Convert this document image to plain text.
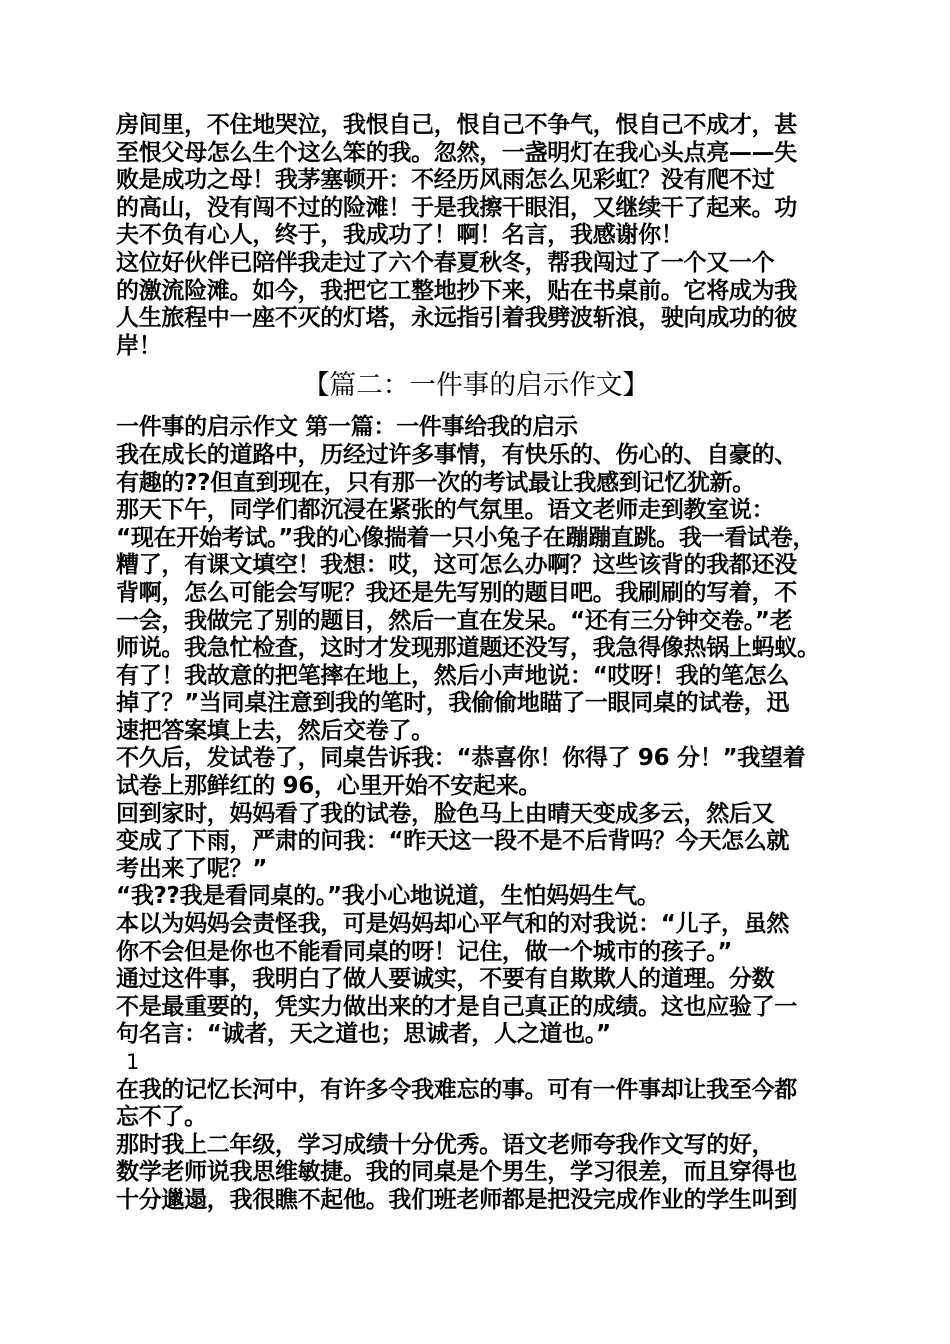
房间里，不住地哭泣，我恨自己，恨自己不争气，恨自己不成才，甚
至恨父母怎么生个这么笨的我。忽然，一盏明灯在我心头点亮——失
败是成功之母！我茅塞顿开：不经历风雨怎么见彩虹？没有爬不过
的高山，没有闯不过的险滩！于是我擦干眼泪，又继续干了起来。功
夫不负有心人，终于，我成功了！啊！名言，我感谢你！
这位好伙伴已陪伴我走过了六个春夏秋冬，帮我闯过了一个又一个
的激流险滩。如今，我把它工整地抄下来，贴在书桌前。它将成为我
人生旅程中一座不灭的灯塔，永远指引着我劈波斩浪，驶向成功的彼
岸！
【篇二：一件事的启示作文】
一件事的启示作文 第一篇：一件事给我的启示
我在成长的道路中，历经过许多事情，有快乐的、伤心的、自豪的、
有趣的??但直到现在，只有那一次的考试最让我感到记忆犹新。
那天下午，同学们都沉浸在紧张的气氛里。语文老师走到教室说：
“现在开始考试。”我的心像揣着一只小兔子在蹦蹦直跳。我一看试卷，
糟了，有课文填空！我想：哎，这可怎么办啊？这些该背的我都还没
背啊，怎么可能会写呢？我还是先写别的题目吧。我刷刷的写着，不
一会，我做完了别的题目，然后一直在发呆。“还有三分钟交卷。”老
师说。我急忙检查，这时才发现那道题还没写，我急得像热锅上蚂蚁。
有了！我故意的把笔摔在地上，然后小声地说：“哎呀！我的笔怎么
掉了？”当同桌注意到我的笔时，我偷偷地瞄了一眼同桌的试卷，迅
速把答案填上去，然后交卷了。
不久后，发试卷了，同桌告诉我：“恭喜你！你得了 96 分！”我望着
试卷上那鲜红的 96，心里开始不安起来。
回到家时，妈妈看了我的试卷，脸色马上由晴天变成多云，然后又
变成了下雨，严肃的问我：“昨天这一段不是不后背吗？今天怎么就
考出来了呢？”
“我??我是看同桌的。”我小心地说道，生怕妈妈生气。
本以为妈妈会责怪我，可是妈妈却心平气和的对我说：“儿子，虽然
你不会但是你也不能看同桌的呀！记住，做一个城市的孩子。”
通过这件事，我明白了做人要诚实，不要有自欺欺人的道理。分数
不是最重要的，凭实力做出来的才是自己真正的成绩。这也应验了一
句名言：“诚者，天之道也；思诚者，人之道也。”
1
在我的记忆长河中，有许多令我难忘的事。可有一件事却让我至今都
忘不了。
那时我上二年级，学习成绩十分优秀。语文老师夸我作文写的好，
数学老师说我思维敏捷。我的同桌是个男生，学习很差，而且穿得也
十分邋遢，我很瞧不起他。我们班老师都是把没完成作业的学生叫到
